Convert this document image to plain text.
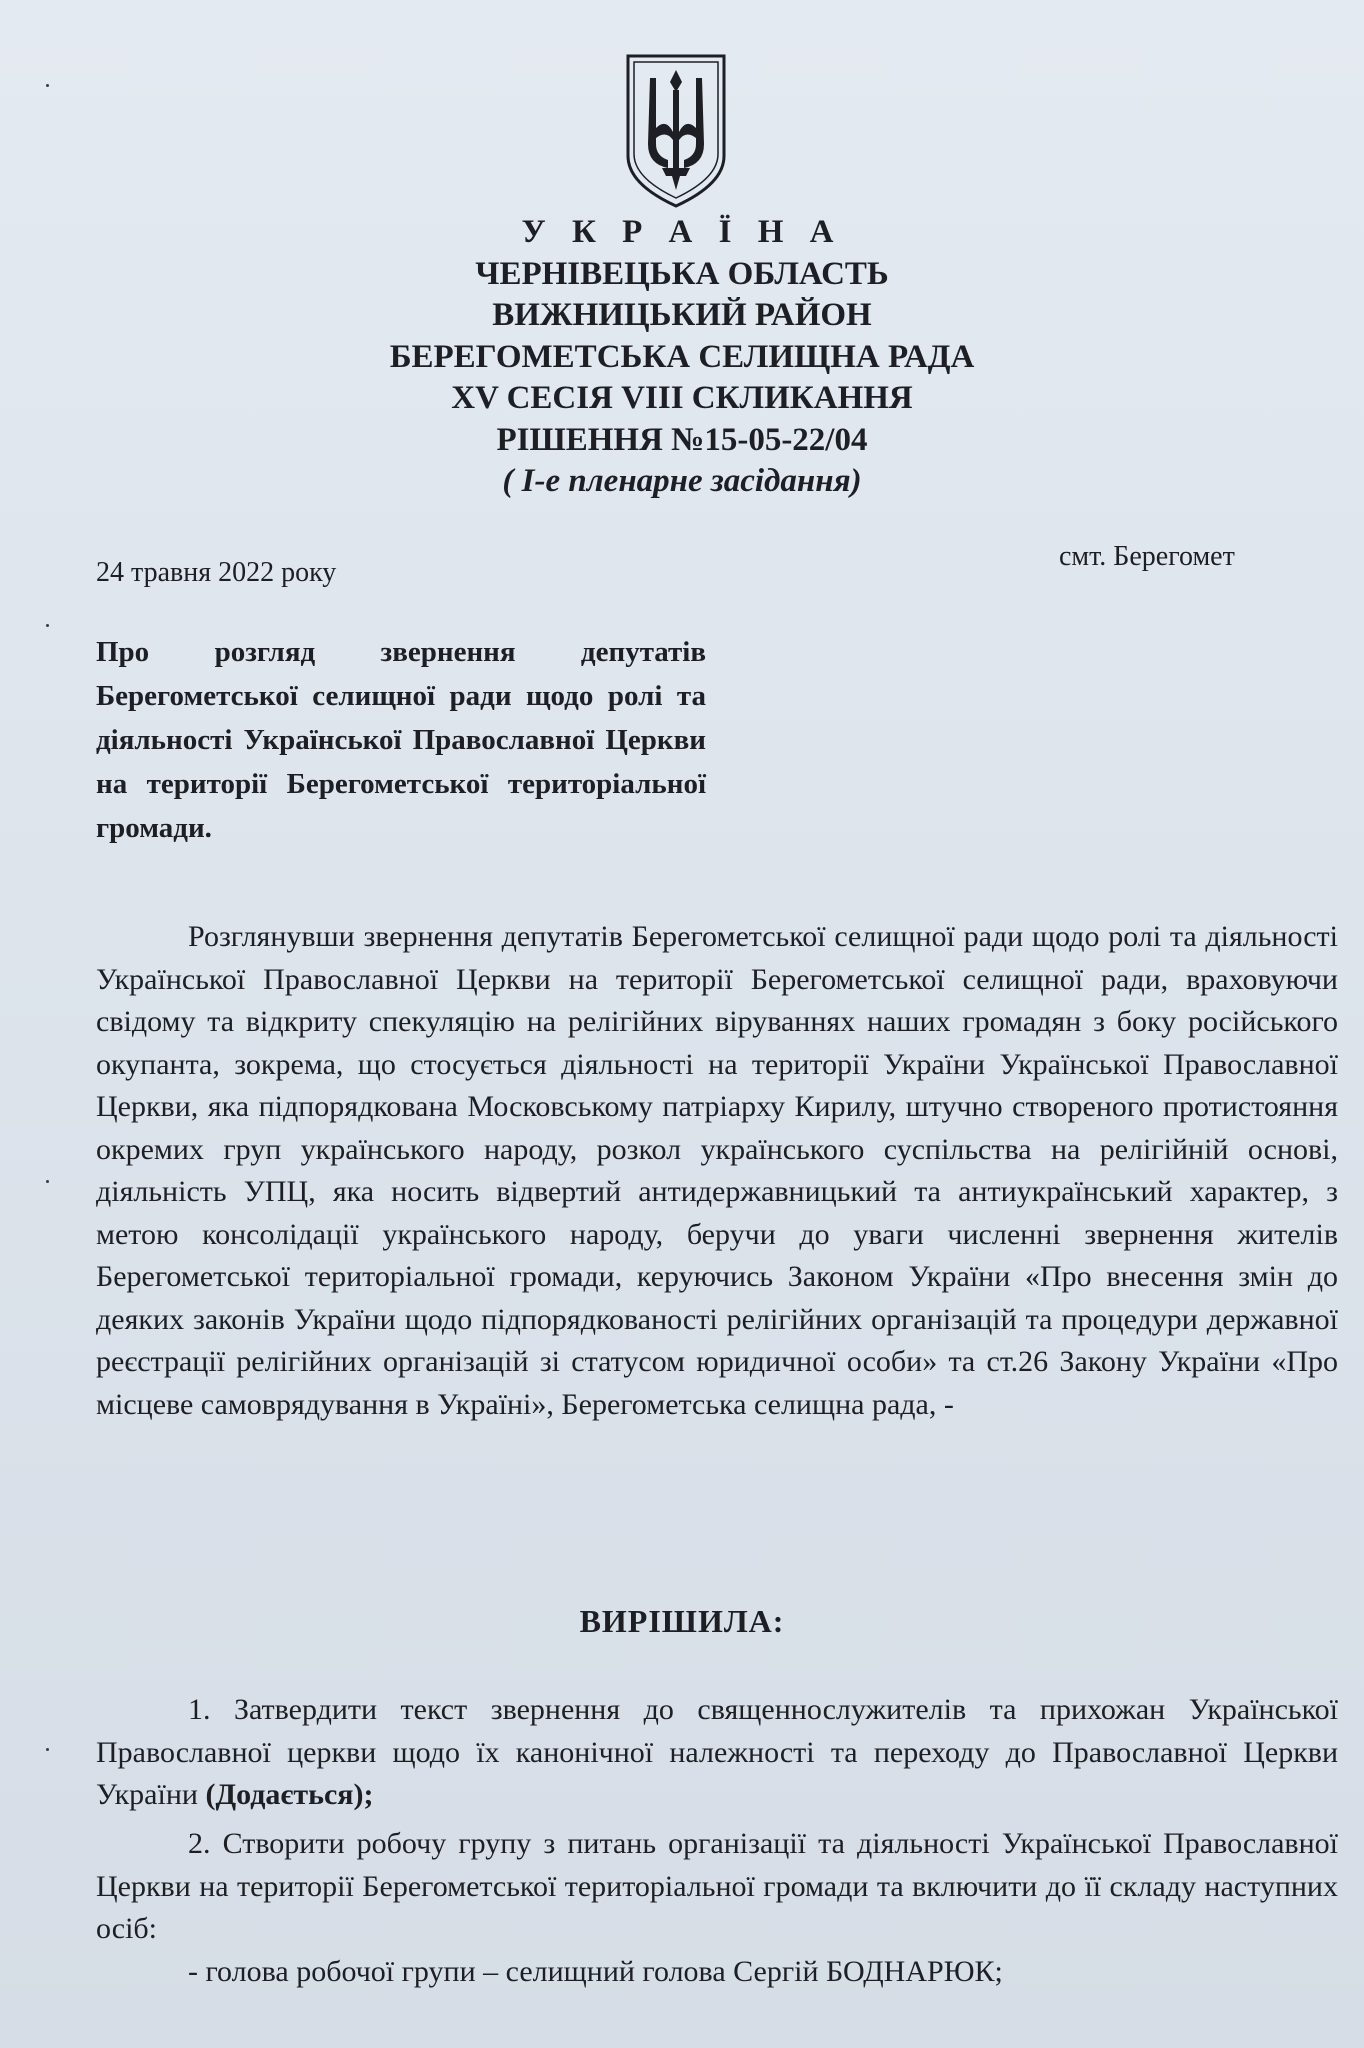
У К Р А Ї Н А
ЧЕРНІВЕЦЬКА ОБЛАСТЬ
ВИЖНИЦЬКИЙ РАЙОН
БЕРЕГОМЕТСЬКА СЕЛИЩНА РАДА
XV СЕСІЯ VIII СКЛИКАННЯ
РІШЕННЯ №15-05-22/04
( І-е пленарне засідання)
24 травня 2022 року
смт. Берегомет
Про розгляд звернення депутатів Берегометської селищної ради щодо ролі та діяльності Української Православної Церкви на території Берегометської територіальної громади.
Розглянувши звернення депутатів Берегометської селищної ради щодо ролі та діяльності Української Православної Церкви на території Берегометської селищної ради, враховуючи свідому та відкриту спекуляцію на релігійних віруваннях наших громадян з боку російського окупанта, зокрема, що стосується діяльності на території України Української Православної Церкви, яка підпорядкована Московському патріарху Кирилу, штучно створеного протистояння окремих груп українського народу, розкол українського суспільства на релігійній основі, діяльність УПЦ, яка носить відвертий антидержавницький та антиукраїнський характер, з метою консолідації українського народу, беручи до уваги численні звернення жителів Берегометської територіальної громади, керуючись Законом України «Про внесення змін до деяких законів України щодо підпорядкованості релігійних організацій та процедури державної реєстрації релігійних організацій зі статусом юридичної особи» та ст.26 Закону України «Про місцеве самоврядування в Україні», Берегометська селищна рада, -
ВИРІШИЛА:
1. Затвердити текст звернення до священнослужителів та прихожан Української Православної церкви щодо їх канонічної належності та переходу до Православної Церкви України (Додається);
2. Створити робочу групу з питань організації та діяльності Української Православної Церкви на території Берегометської територіальної громади та включити до її складу наступних осіб:
- голова робочої групи – селищний голова Сергій БОДНАРЮК;
